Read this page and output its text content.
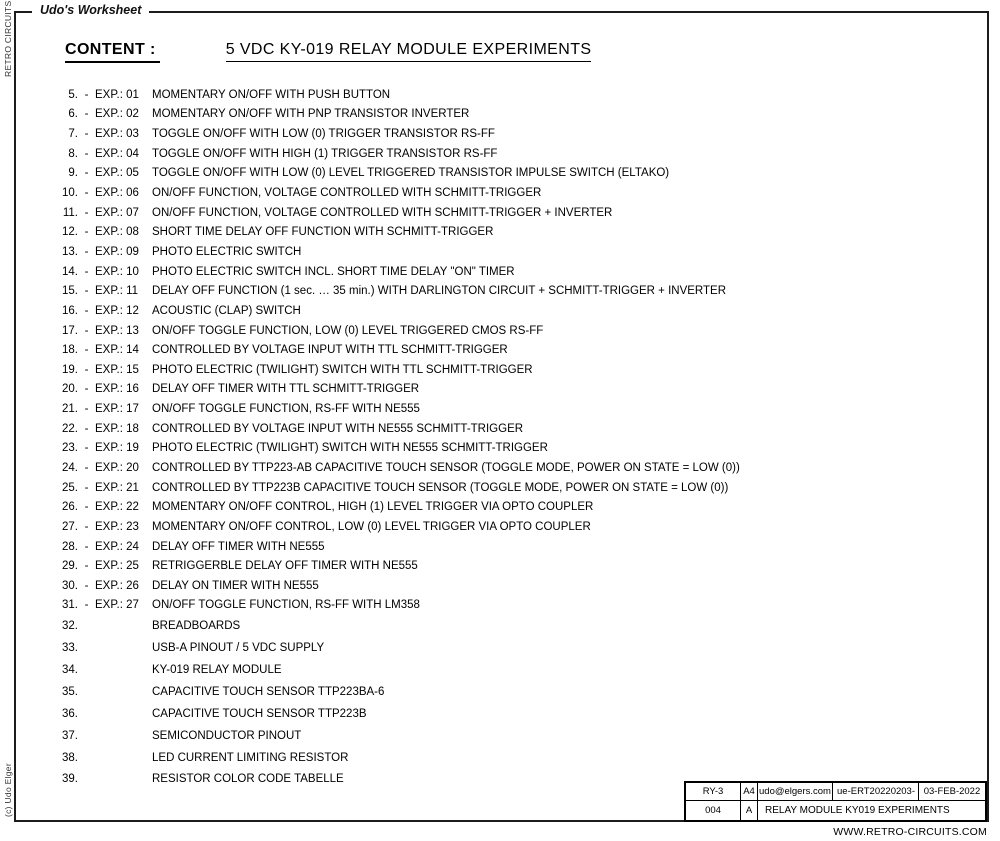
Udo's Worksheet
RETRO CIRCUITS
(c) Udo Elger
CONTENT :	5 VDC KY-019 RELAY MODULE EXPERIMENTS
5. - EXP.: 01	MOMENTARY ON/OFF WITH PUSH BUTTON
6. - EXP.: 02	MOMENTARY ON/OFF WITH PNP TRANSISTOR INVERTER
7. - EXP.: 03	TOGGLE ON/OFF WITH LOW (0) TRIGGER TRANSISTOR RS-FF
8. - EXP.: 04	TOGGLE ON/OFF WITH HIGH (1) TRIGGER TRANSISTOR RS-FF
9. - EXP.: 05	TOGGLE ON/OFF WITH LOW (0) LEVEL TRIGGERED TRANSISTOR IMPULSE SWITCH (ELTAKO)
10. - EXP.: 06	ON/OFF FUNCTION, VOLTAGE CONTROLLED WITH SCHMITT-TRIGGER
11. - EXP.: 07	ON/OFF FUNCTION, VOLTAGE CONTROLLED WITH SCHMITT-TRIGGER + INVERTER
12. - EXP.: 08	SHORT TIME DELAY OFF FUNCTION WITH SCHMITT-TRIGGER
13. - EXP.: 09	PHOTO ELECTRIC SWITCH
14. - EXP.: 10	PHOTO ELECTRIC SWITCH INCL. SHORT TIME DELAY "ON" TIMER
15. - EXP.: 11	DELAY OFF FUNCTION (1 sec. … 35 min.) WITH DARLINGTON CIRCUIT + SCHMITT-TRIGGER + INVERTER
16. - EXP.: 12	ACOUSTIC (CLAP) SWITCH
17. - EXP.: 13	ON/OFF TOGGLE FUNCTION, LOW (0) LEVEL TRIGGERED CMOS RS-FF
18. - EXP.: 14	CONTROLLED BY VOLTAGE INPUT WITH TTL SCHMITT-TRIGGER
19. - EXP.: 15	PHOTO ELECTRIC (TWILIGHT) SWITCH WITH TTL SCHMITT-TRIGGER
20. - EXP.: 16	DELAY OFF TIMER WITH TTL SCHMITT-TRIGGER
21. - EXP.: 17	ON/OFF TOGGLE FUNCTION, RS-FF WITH NE555
22. - EXP.: 18	CONTROLLED BY VOLTAGE INPUT WITH NE555 SCHMITT-TRIGGER
23. - EXP.: 19	PHOTO ELECTRIC (TWILIGHT) SWITCH WITH NE555 SCHMITT-TRIGGER
24. - EXP.: 20	CONTROLLED BY TTP223-AB CAPACITIVE TOUCH SENSOR (TOGGLE MODE, POWER ON STATE = LOW (0))
25. - EXP.: 21	CONTROLLED BY TTP223B CAPACITIVE TOUCH SENSOR (TOGGLE MODE, POWER ON STATE = LOW (0))
26. - EXP.: 22	MOMENTARY ON/OFF CONTROL, HIGH (1) LEVEL TRIGGER VIA OPTO COUPLER
27. - EXP.: 23	MOMENTARY ON/OFF CONTROL, LOW (0) LEVEL TRIGGER VIA OPTO COUPLER
28. - EXP.: 24	DELAY OFF TIMER WITH NE555
29. - EXP.: 25	RETRIGGERBLE DELAY OFF TIMER WITH NE555
30. - EXP.: 26	DELAY ON TIMER WITH NE555
31. - EXP.: 27	ON/OFF TOGGLE FUNCTION, RS-FF WITH LM358
32.	BREADBOARDS
33.	USB-A PINOUT / 5 VDC SUPPLY
34.	KY-019 RELAY MODULE
35.	CAPACITIVE TOUCH SENSOR TTP223BA-6
36.	CAPACITIVE TOUCH SENSOR TTP223B
37.	SEMICONDUCTOR PINOUT
38.	LED CURRENT LIMITING RESISTOR
39.	RESISTOR COLOR CODE TABELLE
RY-3	A4 udo@elgers.com ue-ERT20220203- 03-FEB-2022
004	A	RELAY MODULE KY019 EXPERIMENTS
WWW.RETRO-CIRCUITS.COM
